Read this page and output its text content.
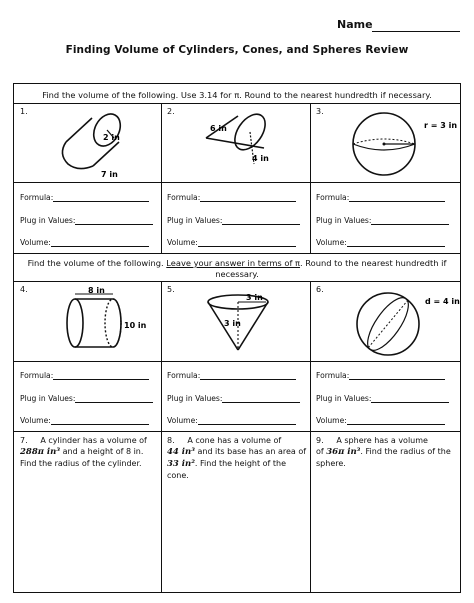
Name
Finding Volume of Cylinders, Cones, and Spheres Review
Find the volume of the following. Use 3.14 for π. Round to the nearest hundredth if necessary.
1.
2 in
7 in
Formula:
Plug in Values:
Volume:
2.
6 in
4 in
Formula:
Plug in Values:
Volume:
3.
r = 3 in
Formula:
Plug in Values:
Volume:
Find the volume of the following. Leave your answer in terms of π. Round to the nearest hundredth if necessary.
4.	8 in
10 in
Formula:
Plug in Values:
Volume:
5.
3 in
3 in
Formula:
Plug in Values:
Volume:
6.
d = 4 in
Formula:
Plug in Values:
Volume:
7. A cylinder has a volume of
288π in³ and a height of 8 in.
Find the radius of the cylinder.
8. A cone has a volume of
44 in³ and its base has an area of
33 in². Find the height of the cone.
9. A sphere has a volume
of 36π in³. Find the radius of the
sphere.
